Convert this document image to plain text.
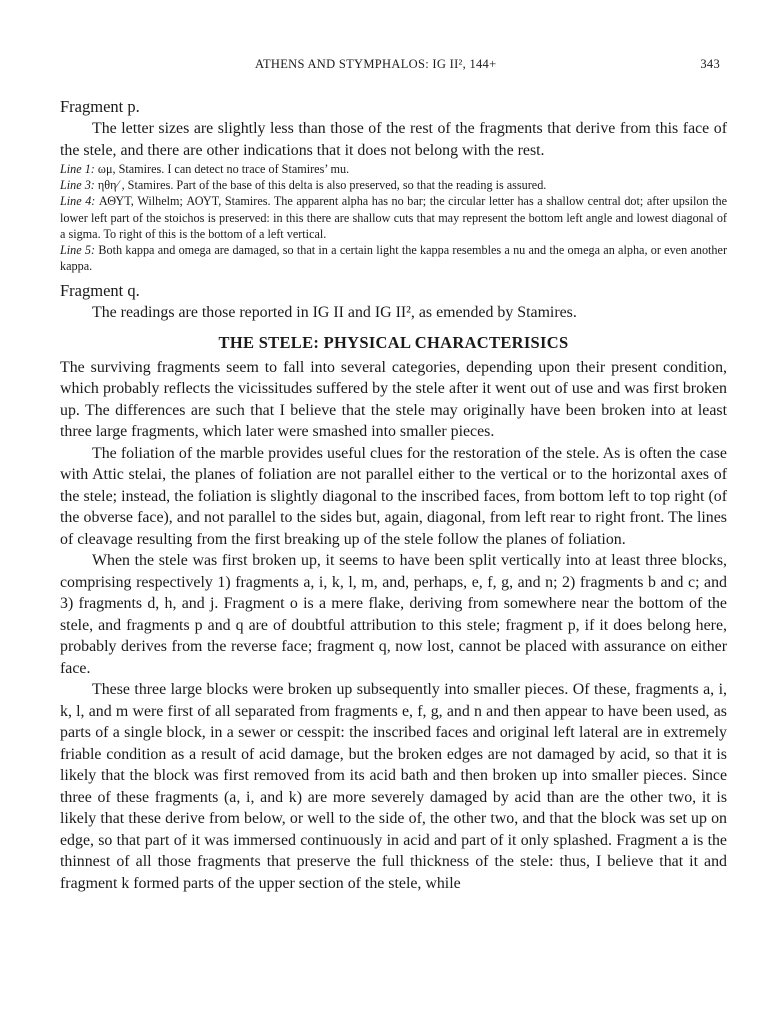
ATHENS AND STYMPHALOS: IG II², 144+	343

Fragment p.

The letter sizes are slightly less than those of the rest of the fragments that derive from this face of the stele, and there are other indications that it does not belong with the rest.

Line 1: ωμ, Stamires. I can detect no trace of Stamires’ mu.

Line 3: ηθη⁄ , Stamires. Part of the base of this delta is also preserved, so that the reading is assured.

Line 4: ΑΘΥΤ, Wilhelm; ΑΟΥΤ, Stamires. The apparent alpha has no bar; the circular letter has a shallow central dot; after upsilon the lower left part of the stoichos is preserved: in this there are shallow cuts that may represent the bottom left angle and lowest diagonal of a sigma. To right of this is the bottom of a left vertical.

Line 5: Both kappa and omega are damaged, so that in a certain light the kappa resembles a nu and the omega an alpha, or even another kappa.

Fragment q.

The readings are those reported in IG II and IG II², as emended by Stamires.

THE STELE: PHYSICAL CHARACTERISICS

The surviving fragments seem to fall into several categories, depending upon their present condition, which probably reflects the vicissitudes suffered by the stele after it went out of use and was first broken up. The differences are such that I believe that the stele may originally have been broken into at least three large fragments, which later were smashed into smaller pieces.

The foliation of the marble provides useful clues for the restoration of the stele. As is often the case with Attic stelai, the planes of foliation are not parallel either to the vertical or to the horizontal axes of the stele; instead, the foliation is slightly diagonal to the inscribed faces, from bottom left to top right (of the obverse face), and not parallel to the sides but, again, diagonal, from left rear to right front. The lines of cleavage resulting from the first breaking up of the stele follow the planes of foliation.

When the stele was first broken up, it seems to have been split vertically into at least three blocks, comprising respectively 1) fragments a, i, k, l, m, and, perhaps, e, f, g, and n; 2) fragments b and c; and 3) fragments d, h, and j. Fragment o is a mere flake, deriving from somewhere near the bottom of the stele, and fragments p and q are of doubtful attribution to this stele; fragment p, if it does belong here, probably derives from the reverse face; fragment q, now lost, cannot be placed with assurance on either face.

These three large blocks were broken up subsequently into smaller pieces. Of these, fragments a, i, k, l, and m were first of all separated from fragments e, f, g, and n and then appear to have been used, as parts of a single block, in a sewer or cesspit: the inscribed faces and original left lateral are in extremely friable condition as a result of acid damage, but the broken edges are not damaged by acid, so that it is likely that the block was first removed from its acid bath and then broken up into smaller pieces. Since three of these fragments (a, i, and k) are more severely damaged by acid than are the other two, it is likely that these derive from below, or well to the side of, the other two, and that the block was set up on edge, so that part of it was immersed continuously in acid and part of it only splashed. Fragment a is the thinnest of all those fragments that preserve the full thickness of the stele: thus, I believe that it and fragment k formed parts of the upper section of the stele, while
